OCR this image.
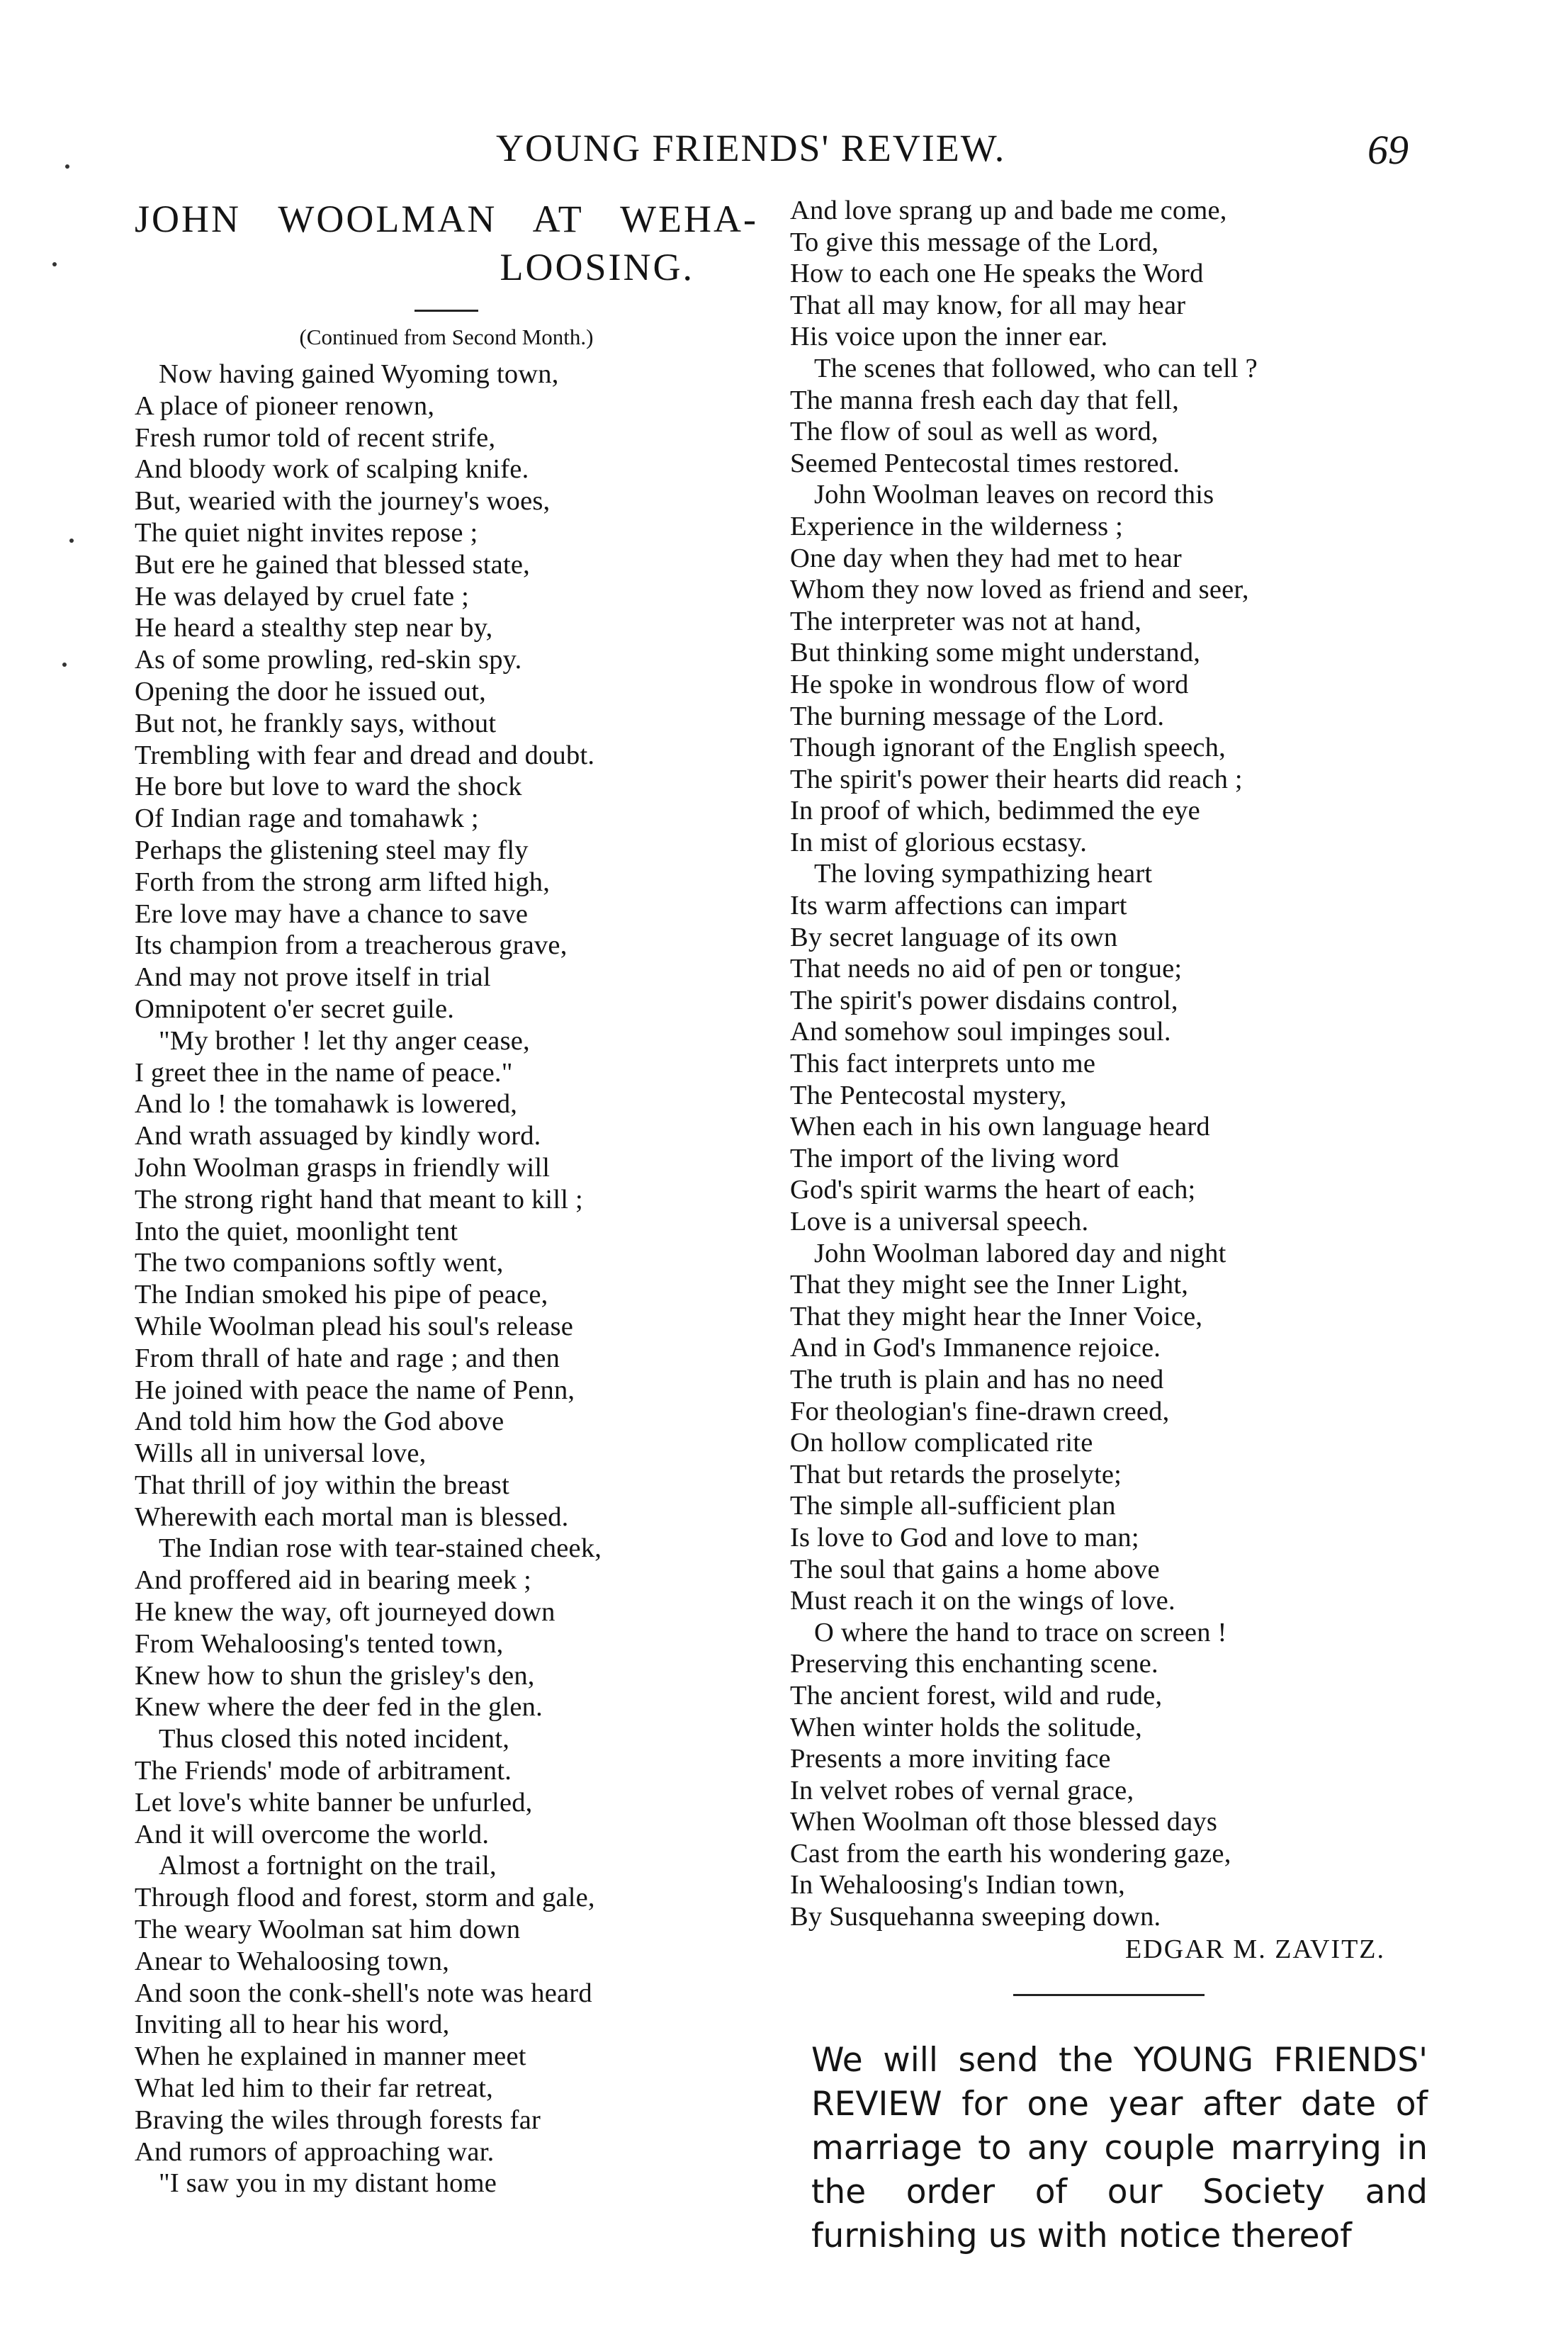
YOUNG FRIENDS' REVIEW.	69
JOHN WOOLMAN AT WEHA-
LOOSING.
(Continued from Second Month.)
Now having gained Wyoming town,
A place of pioneer renown,
Fresh rumor told of recent strife,
And bloody work of scalping knife.
But, wearied with the journey's woes,
The quiet night invites repose ;
But ere he gained that blessed state,
He was delayed by cruel fate ;
He heard a stealthy step near by,
As of some prowling, red-skin spy.
Opening the door he issued out,
But not, he frankly says, without
Trembling with fear and dread and doubt.
He bore but love to ward the shock
Of Indian rage and tomahawk ;
Perhaps the glistening steel may fly
Forth from the strong arm lifted high,
Ere love may have a chance to save
Its champion from a treacherous grave,
And may not prove itself in trial
Omnipotent o'er secret guile.
"My brother ! let thy anger cease,
I greet thee in the name of peace."
And lo ! the tomahawk is lowered,
And wrath assuaged by kindly word.
John Woolman grasps in friendly will
The strong right hand that meant to kill ;
Into the quiet, moonlight tent
The two companions softly went,
The Indian smoked his pipe of peace,
While Woolman plead his soul's release
From thrall of hate and rage ; and then
He joined with peace the name of Penn,
And told him how the God above
Wills all in universal love,
That thrill of joy within the breast
Wherewith each mortal man is blessed.
The Indian rose with tear-stained cheek,
And proffered aid in bearing meek ;
He knew the way, oft journeyed down
From Wehaloosing's tented town,
Knew how to shun the grisley's den,
Knew where the deer fed in the glen.
Thus closed this noted incident,
The Friends' mode of arbitrament.
Let love's white banner be unfurled,
And it will overcome the world.
Almost a fortnight on the trail,
Through flood and forest, storm and gale,
The weary Woolman sat him down
Anear to Wehaloosing town,
And soon the conk-shell's note was heard
Inviting all to hear his word,
When he explained in manner meet
What led him to their far retreat,
Braving the wiles through forests far
And rumors of approaching war.
"I saw you in my distant home
And love sprang up and bade me come,
To give this message of the Lord,
How to each one He speaks the Word
That all may know, for all may hear
His voice upon the inner ear.
The scenes that followed, who can tell ?
The manna fresh each day that fell,
The flow of soul as well as word,
Seemed Pentecostal times restored.
John Woolman leaves on record this
Experience in the wilderness ;
One day when they had met to hear
Whom they now loved as friend and seer,
The interpreter was not at hand,
But thinking some might understand,
He spoke in wondrous flow of word
The burning message of the Lord.
Though ignorant of the English speech,
The spirit's power their hearts did reach ;
In proof of which, bedimmed the eye
In mist of glorious ecstasy.
The loving sympathizing heart
Its warm affections can impart
By secret language of its own
That needs no aid of pen or tongue;
The spirit's power disdains control,
And somehow soul impinges soul.
This fact interprets unto me
The Pentecostal mystery,
When each in his own language heard
The import of the living word
God's spirit warms the heart of each;
Love is a universal speech.
John Woolman labored day and night
That they might see the Inner Light,
That they might hear the Inner Voice,
And in God's Immanence rejoice.
The truth is plain and has no need
For theologian's fine-drawn creed,
On hollow complicated rite
That but retards the proselyte;
The simple all-sufficient plan
Is love to God and love to man;
The soul that gains a home above
Must reach it on the wings of love.
O where the hand to trace on screen !
Preserving this enchanting scene.
The ancient forest, wild and rude,
When winter holds the solitude,
Presents a more inviting face
In velvet robes of vernal grace,
When Woolman oft those blessed days
Cast from the earth his wondering gaze,
In Wehaloosing's Indian town,
By Susquehanna sweeping down.
EDGAR M. ZAVITZ.

We will send the YOUNG FRIENDS' REVIEW for one year after date of marriage to any couple marrying in the order of our Society and furnishing us with notice thereof
